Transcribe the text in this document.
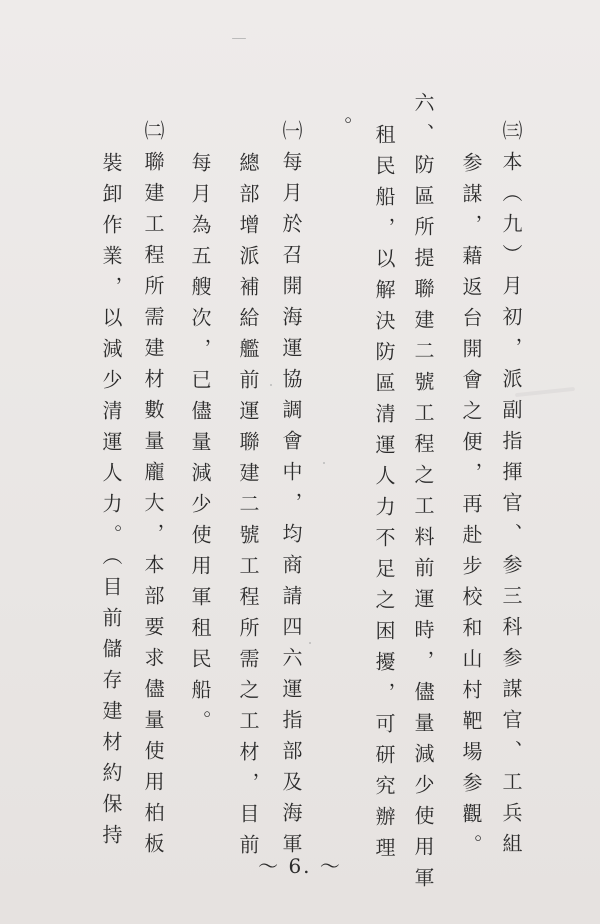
㈢本（九）月初，派副指揮官、参三科参謀官、工兵組
参謀，藉返台開會之便，再赴步校和山村靶場参觀。
六、防區所提聯建二號工程之工料前運時，儘量減少使用軍
租民船，以解決防區清運人力不足之困擾，可研究辦理
。
㈠每月於召開海運協調會中，均商請四六運指部及海軍
總部增派補給艦前運聯建二號工程所需之工材，目前
每月為五艘次，已儘量減少使用軍租民船。
㈡聯建工程所需建材數量龐大，本部要求儘量使用柏板
裝卸作業，以減少清運人力。（目前儲存建材約保持
～ 6. ～
